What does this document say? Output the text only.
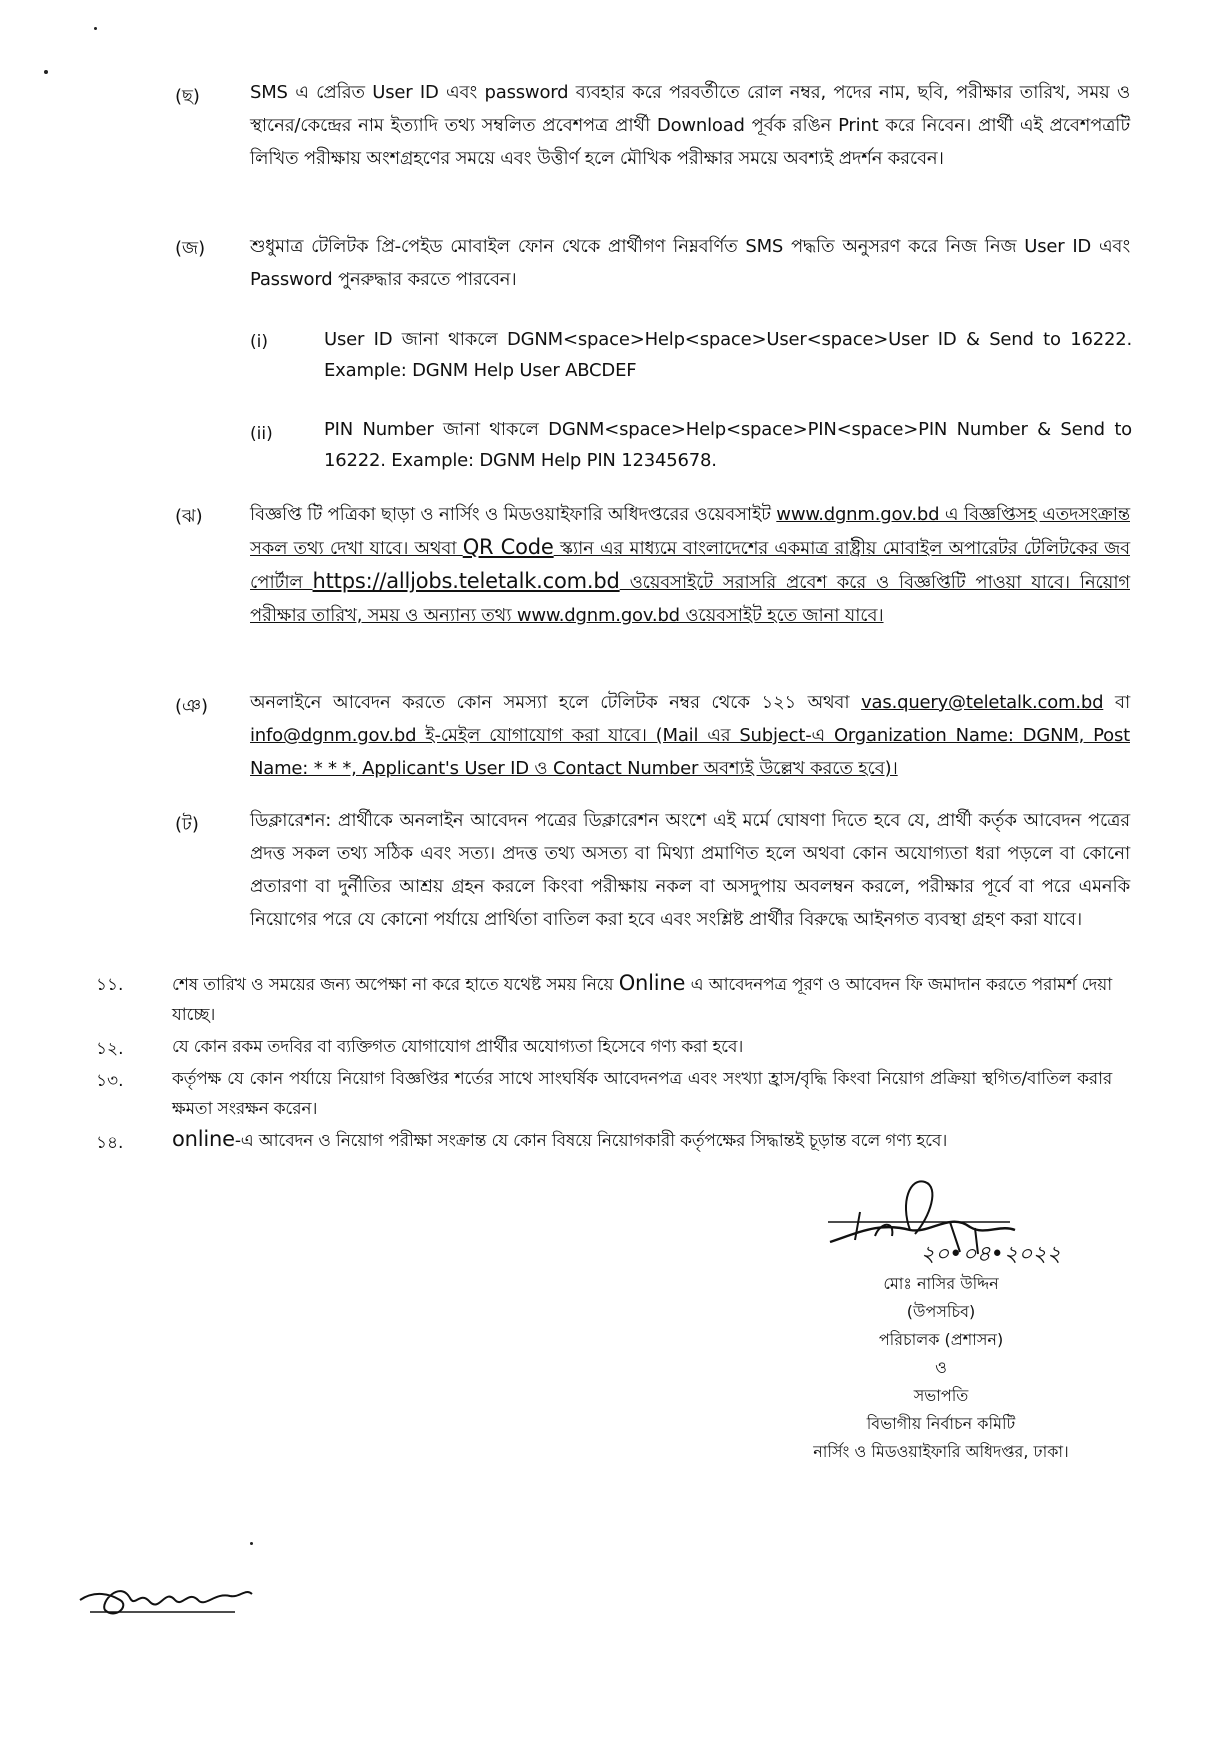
(ছ)	SMS এ প্রেরিত User ID এবং password ব্যবহার করে পরবর্তীতে রোল নম্বর, পদের নাম, ছবি, পরীক্ষার তারিখ, সময় ও স্থানের/কেন্দ্রের নাম ইত্যাদি তথ্য সম্বলিত প্রবেশপত্র প্রার্থী Download পূর্বক রঙিন Print করে নিবেন। প্রার্থী এই প্রবেশপত্রটি লিখিত পরীক্ষায় অংশগ্রহণের সময়ে এবং উত্তীর্ণ হলে মৌখিক পরীক্ষার সময়ে অবশ্যই প্রদর্শন করবেন।
(জ) শুধুমাত্র টেলিটক প্রি-পেইড মোবাইল ফোন থেকে প্রার্থীগণ নিম্নবর্ণিত SMS পদ্ধতি অনুসরণ করে নিজ নিজ User ID এবং Password পুনরুদ্ধার করতে পারবেন।
(i)	User ID জানা থাকলে DGNM<space>Help<space>User<space>User ID & Send to 16222. Example: DGNM Help User ABCDEF
(ii)	PIN Number জানা থাকলে DGNM<space>Help<space>PIN<space>PIN Number & Send to 16222. Example: DGNM Help PIN 12345678.
(ঝ)	বিজ্ঞপ্তি টি পত্রিকা ছাড়া ও নার্সিং ও মিডওয়াইফারি অধিদপ্তরের ওয়েবসাইট www.dgnm.gov.bd এ বিজ্ঞপ্তিসহ এতদসংক্রান্ত সকল তথ্য দেখা যাবে। অথবা QR Code স্ক্যান এর মাধ্যমে বাংলাদেশের একমাত্র রাষ্ট্রীয় মোবাইল অপারেটর টেলিটকের জব পোর্টাল https://alljobs.teletalk.com.bd ওয়েবসাইটে সরাসরি প্রবেশ করে ও বিজ্ঞপ্তিটি পাওয়া যাবে। নিয়োগ পরীক্ষার তারিখ, সময় ও অন্যান্য তথ্য www.dgnm.gov.bd ওয়েবসাইট হতে জানা যাবে।
(ঞ) অনলাইনে আবেদন করতে কোন সমস্যা হলে টেলিটক নম্বর থেকে ১২১ অথবা vas.query@teletalk.com.bd বা info@dgnm.gov.bd ই-মেইল যোগাযোগ করা যাবে। (Mail এর Subject-এ Organization Name: DGNM, Post Name: * * *, Applicant's User ID ও Contact Number অবশ্যই উল্লেখ করতে হবে)।
(ট)	ডিক্লারেশন: প্রার্থীকে অনলাইন আবেদন পত্রের ডিক্লারেশন অংশে এই মর্মে ঘোষণা দিতে হবে যে, প্রার্থী কর্তৃক আবেদন পত্রের প্রদত্ত সকল তথ্য সঠিক এবং সত্য। প্রদত্ত তথ্য অসত্য বা মিথ্যা প্রমাণিত হলে অথবা কোন অযোগ্যতা ধরা পড়লে বা কোনো প্রতারণা বা দুর্নীতির আশ্রয় গ্রহন করলে কিংবা পরীক্ষায় নকল বা অসদুপায় অবলম্বন করলে, পরীক্ষার পূর্বে বা পরে এমনকি নিয়োগের পরে যে কোনো পর্যায়ে প্রার্থিতা বাতিল করা হবে এবং সংশ্লিষ্ট প্রার্থীর বিরুদ্ধে আইনগত ব্যবস্থা গ্রহণ করা যাবে।
১১.	শেষ তারিখ ও সময়ের জন্য অপেক্ষা না করে হাতে যথেষ্ট সময় নিয়ে Online এ আবেদনপত্র পূরণ ও আবেদন ফি জমাদান করতে পরামর্শ দেয়া যাচ্ছে।
১২.	যে কোন রকম তদবির বা ব্যক্তিগত যোগাযোগ প্রার্থীর অযোগ্যতা হিসেবে গণ্য করা হবে।
১৩.	কর্তৃপক্ষ যে কোন পর্যায়ে নিয়োগ বিজ্ঞপ্তির শর্তের সাথে সাংঘর্ষিক আবেদনপত্র এবং সংখ্যা হ্রাস/বৃদ্ধি কিংবা নিয়োগ প্রক্রিয়া স্থগিত/বাতিল করার ক্ষমতা সংরক্ষন করেন।
১৪. online-এ আবেদন ও নিয়োগ পরীক্ষা সংক্রান্ত যে কোন বিষয়ে নিয়োগকারী কর্তৃপক্ষের সিদ্ধান্তই চূড়ান্ত বলে গণ্য হবে।
২০•০৪•২০২২
মোঃ নাসির উদ্দিন
(উপসচিব)
পরিচালক (প্রশাসন)
ও
সভাপতি
বিভাগীয় নির্বাচন কমিটি
নার্সিং ও মিডওয়াইফারি অধিদপ্তর, ঢাকা।
